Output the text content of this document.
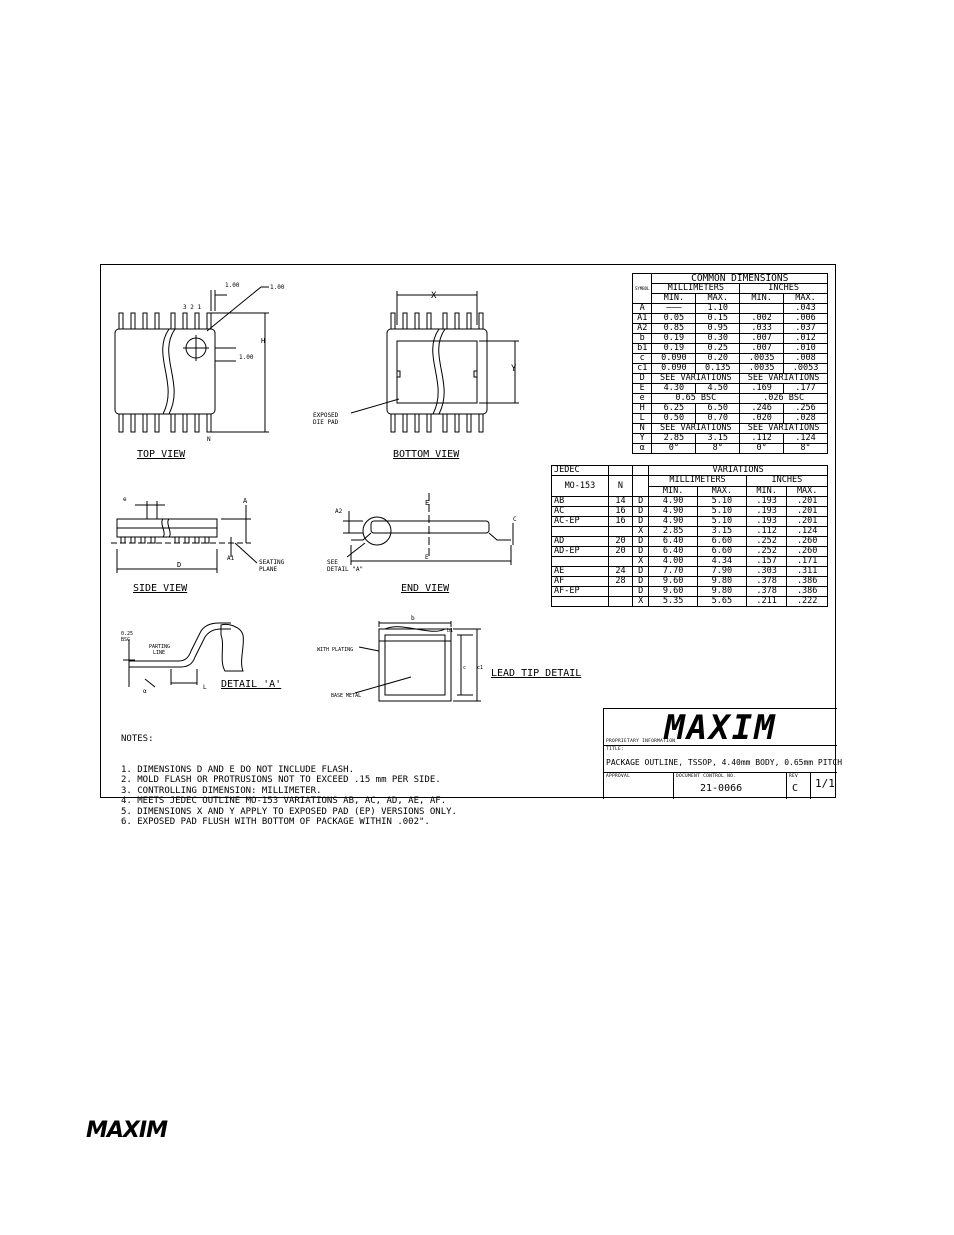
1.00	1.00
1.00
3 2 1
N
H
X
Y
EXPOSED
DIE PAD
e	A
A1
D	SEATING
PLANE
A2
E
C
SEE
DETAIL "A"
E
0.25
BSC
PARTING
LINE
α
L
WITH PLATING
BASE METAL
b
b1
c c1
TOP VIEW	BOTTOM VIEW
SIDE VIEW	END VIEW
DETAIL 'A'
LEAD TIP DETAIL
SYMBOL	COMMON DIMENSIONS			
	MILLIMETERS		INCHES	
	MIN.	MAX.	MIN.	MAX.
A	―――	1.10		.043
A1	0.05	0.15	.002	.006
A2	0.85	0.95	.033	.037
b	0.19	0.30	.007	.012
b1	0.19	0.25	.007	.010
c	0.090	0.20	.0035	.008
c1	0.090	0.135	.0035	.0053
D	SEE VARIATIONS		SEE VARIATIONS	
E	4.30	4.50	.169	.177
e	0.65 BSC		.026 BSC	
H	6.25	6.50	.246	.256
L	0.50	0.70	.020	.028
N	SEE VARIATIONS		SEE VARIATIONS	
Y	2.85	3.15	.112	.124
α	0°	8°	0°	8°
JEDEC			VARIATIONS			
MO-153	N		MILLIMETERS		INCHES	
			MIN.	MAX.	MIN.	MAX.
AB	14	D	4.90	5.10	.193	.201
AC	16	D	4.90	5.10	.193	.201
AC-EP	16	D	4.90	5.10	.193	.201
		X	2.85	3.15	.112	.124
AD	20	D	6.40	6.60	.252	.260
AD-EP	20	D	6.40	6.60	.252	.260
		X	4.00	4.34	.157	.171
AE	24	D	7.70	7.90	.303	.311
AF	28	D	9.60	9.80	.378	.386
AF-EP		D	9.60	9.80	.378	.386
		X	5.35	5.65	.211	.222

NOTES:

1. DIMENSIONS D AND E DO NOT INCLUDE FLASH.
2. MOLD FLASH OR PROTRUSIONS NOT TO EXCEED .15 mm PER SIDE.
3. CONTROLLING DIMENSION: MILLIMETER.
4. MEETS JEDEC OUTLINE MO-153 VARIATIONS AB, AC, AD, AE, AF.
5. DIMENSIONS X AND Y APPLY TO EXPOSED PAD (EP) VERSIONS ONLY.
6. EXPOSED PAD FLUSH WITH BOTTOM OF PACKAGE WITHIN .002".

MAXIM
PROPRIETARY INFORMATION
TITLE:
PACKAGE OUTLINE, TSSOP, 4.40mm BODY, 0.65mm PITCH
APPROVAL	DOCUMENT CONTROL NO.
21-0066
REV
C 1/1
MAXIM
